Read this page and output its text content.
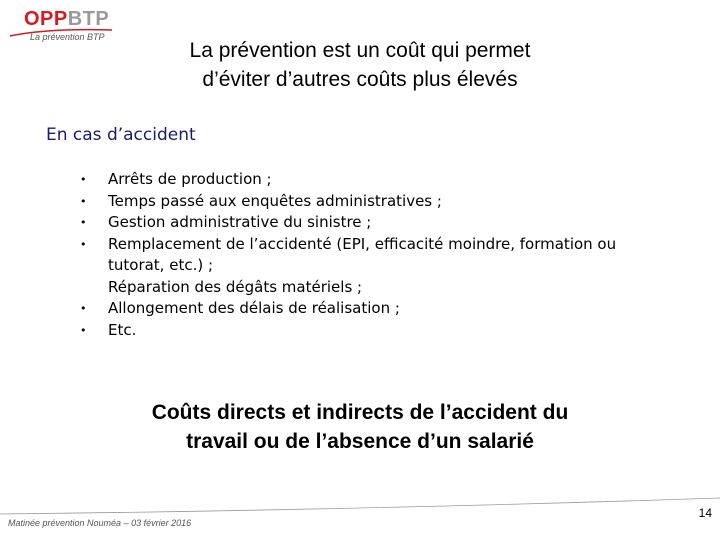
OPPBTP
La prévention BTP
La prévention est un coût qui permet
d’éviter d’autres coûts plus élevés
En cas d’accident
• Arrêts de production ;
• Temps passé aux enquêtes administratives ;
• Gestion administrative du sinistre ;
• Remplacement de l’accidenté (EPI, efficacité moindre, formation ou tutorat, etc.) ;
Réparation des dégâts matériels ;
• Allongement des délais de réalisation ;
• Etc.
Coûts directs et indirects de l’accident du
travail ou de l’absence d’un salarié
Matinée prévention Nouméa – 03 février 2016
14
